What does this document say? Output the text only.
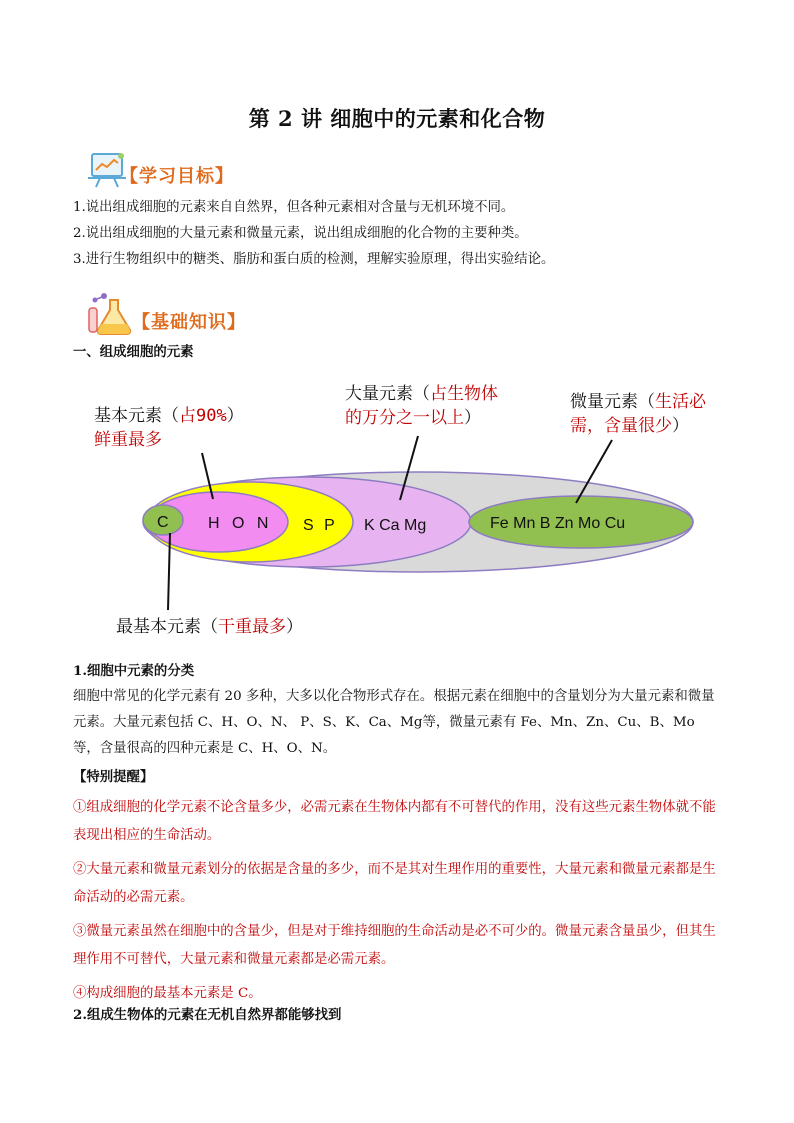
第 2 讲 细胞中的元素和化合物
【学习目标】
1.说出组成细胞的元素来自自然界，但各种元素相对含量与无机环境不同。
2.说出组成细胞的大量元素和微量元素，说出组成细胞的化合物的主要种类。
3.进行生物组织中的糖类、脂肪和蛋白质的检测，理解实验原理，得出实验结论。
【基础知识】
一、组成细胞的元素
C H O N S P K Ca Mg	Fe Mn B Zn Mo Cu
基本元素（占90%）
鲜重最多
大量元素（占生物体
的万分之一以上）
微量元素（生活必
需，含量很少）
最基本元素（干重最多）
1.细胞中元素的分类
细胞中常见的化学元素有 20 多种，大多以化合物形式存在。根据元素在细胞中的含量划分为大量元素和微量元素。大量元素包括 C、H、O、N、 P、S、K、Ca、Mg等，微量元素有 Fe、Mn、Zn、Cu、B、Mo 等，含量很高的四种元素是 C、H、O、N。
【特别提醒】
①组成细胞的化学元素不论含量多少，必需元素在生物体内都有不可替代的作用，没有这些元素生物体就不能表现出相应的生命活动。
②大量元素和微量元素划分的依据是含量的多少，而不是其对生理作用的重要性，大量元素和微量元素都是生命活动的必需元素。
③微量元素虽然在细胞中的含量少，但是对于维持细胞的生命活动是必不可少的。微量元素含量虽少，但其生理作用不可替代，大量元素和微量元素都是必需元素。
④构成细胞的最基本元素是 C。
2.组成生物体的元素在无机自然界都能够找到
